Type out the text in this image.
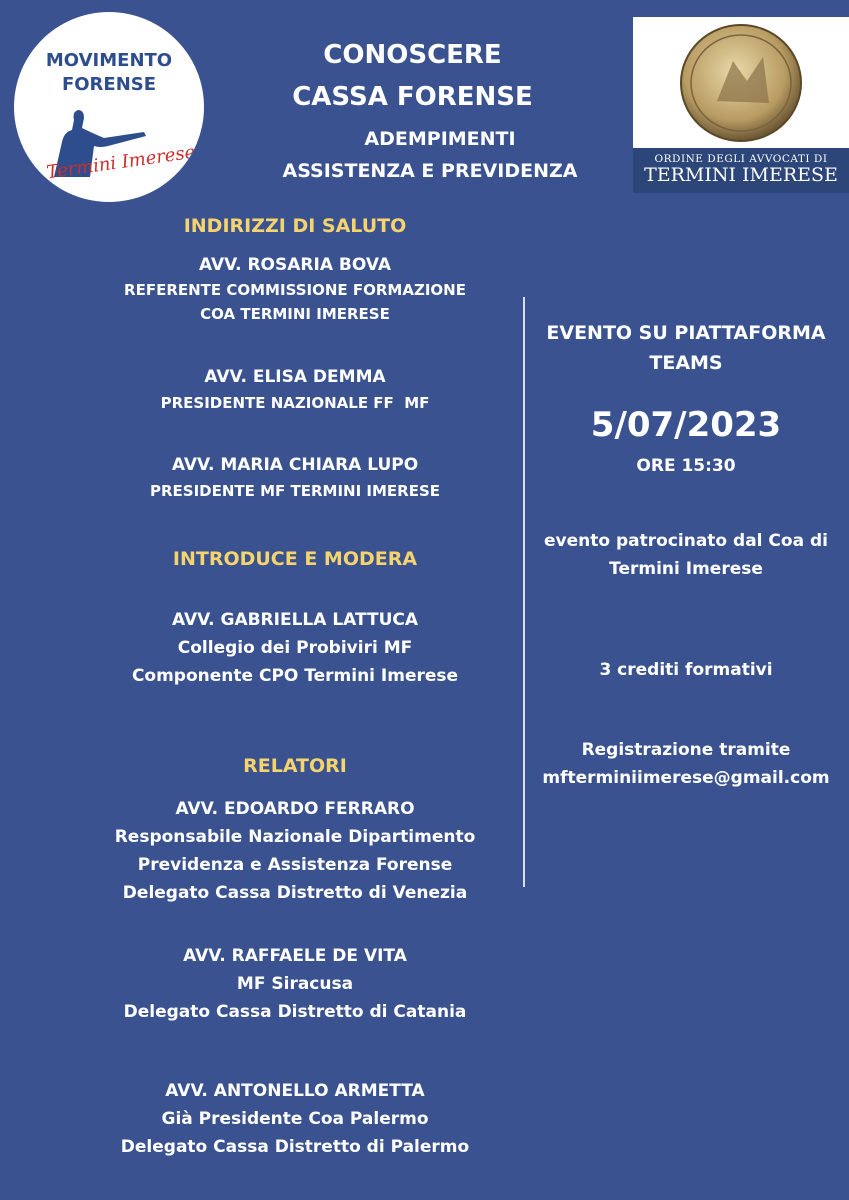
MOVIMENTO
FORENSE
Termini Imerese
CONOSCERE
CASSA FORENSE
ADEMPIMENTI
ASSISTENZA E PREVIDENZA
ORDINE DEGLI AVVOCATI DI
TERMINI IMERESE
INDIRIZZI DI SALUTO
AVV. ROSARIA BOVA
REFERENTE COMMISSIONE FORMAZIONE
COA TERMINI IMERESE
AVV. ELISA DEMMA
PRESIDENTE NAZIONALE FF  MF
AVV. MARIA CHIARA LUPO
PRESIDENTE MF TERMINI IMERESE
INTRODUCE E MODERA
AVV. GABRIELLA LATTUCA
Collegio dei Probiviri MF
Componente CPO Termini Imerese
RELATORI
AVV. EDOARDO FERRARO
Responsabile Nazionale Dipartimento
Previdenza e Assistenza Forense
Delegato Cassa Distretto di Venezia
AVV. RAFFAELE DE VITA
MF Siracusa
Delegato Cassa Distretto di Catania
AVV. ANTONELLO ARMETTA
Già Presidente Coa Palermo
Delegato Cassa Distretto di Palermo
EVENTO SU PIATTAFORMA
TEAMS
5/07/2023
ORE 15:30
evento patrocinato dal Coa di
Termini Imerese
3 crediti formativi
Registrazione tramite
mfterminiimerese@gmail.com
